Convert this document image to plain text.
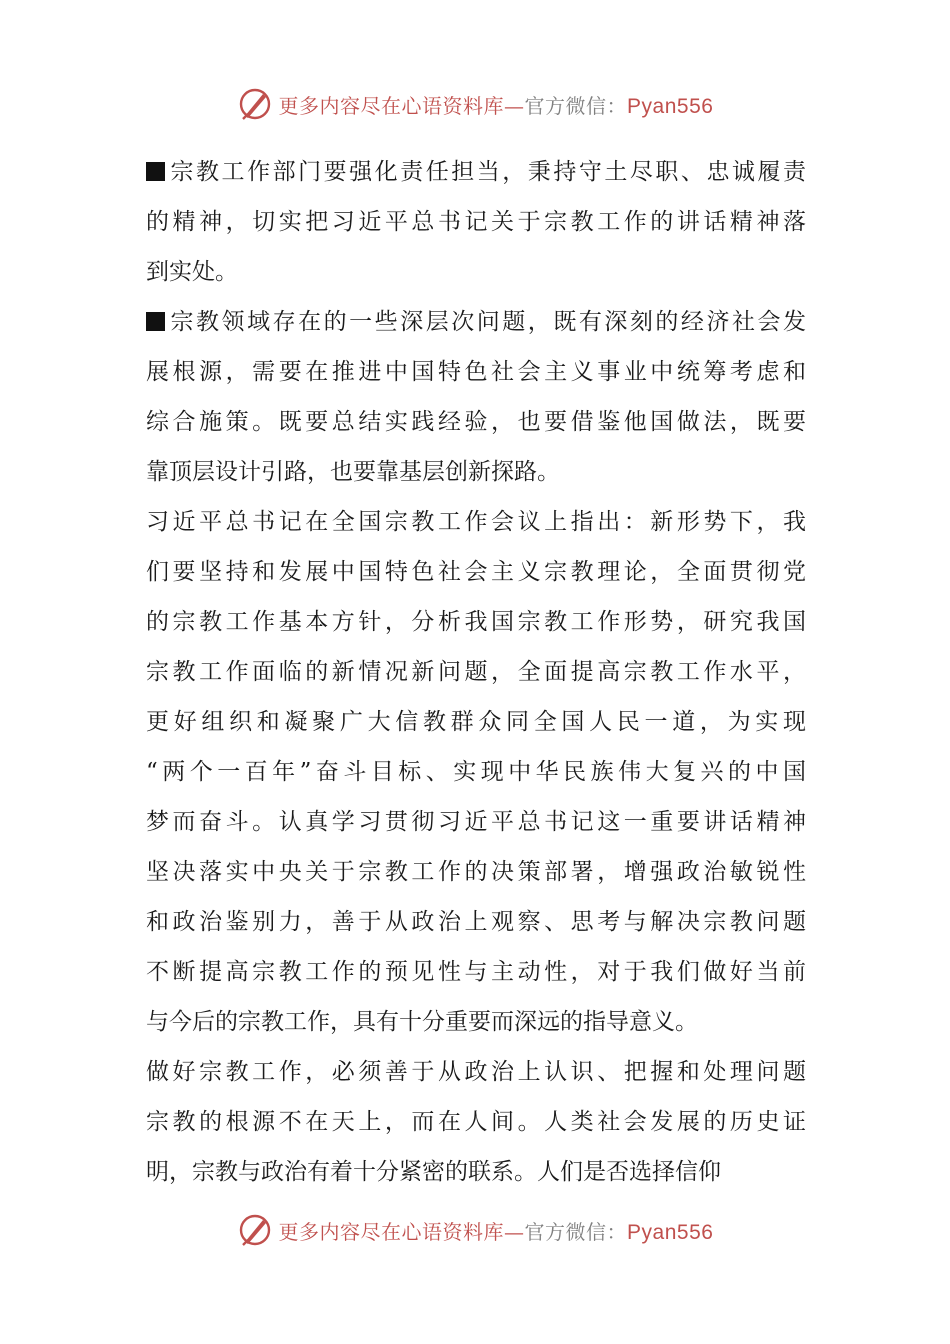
更多内容尽在心语资料库—官方微信：Pyan556
宗教工作部门要强化责任担当，秉持守土尽职、忠诚履责
的精神，切实把习近平总书记关于宗教工作的讲话精神落
到实处。
宗教领域存在的一些深层次问题，既有深刻的经济社会发
展根源，需要在推进中国特色社会主义事业中统筹考虑和
综合施策。既要总结实践经验，也要借鉴他国做法，既要
靠顶层设计引路，也要靠基层创新探路。
习近平总书记在全国宗教工作会议上指出：新形势下，我
们要坚持和发展中国特色社会主义宗教理论，全面贯彻党
的宗教工作基本方针，分析我国宗教工作形势，研究我国
宗教工作面临的新情况新问题，全面提高宗教工作水平，
更好组织和凝聚广大信教群众同全国人民一道，为实现
“两个一百年”奋斗目标、实现中华民族伟大复兴的中国
梦而奋斗。认真学习贯彻习近平总书记这一重要讲话精神
坚决落实中央关于宗教工作的决策部署，增强政治敏锐性
和政治鉴别力，善于从政治上观察、思考与解决宗教问题
不断提高宗教工作的预见性与主动性，对于我们做好当前
与今后的宗教工作，具有十分重要而深远的指导意义。
做好宗教工作，必须善于从政治上认识、把握和处理问题
宗教的根源不在天上，而在人间。人类社会发展的历史证
明，宗教与政治有着十分紧密的联系。人们是否选择信仰
更多内容尽在心语资料库—官方微信：Pyan556
